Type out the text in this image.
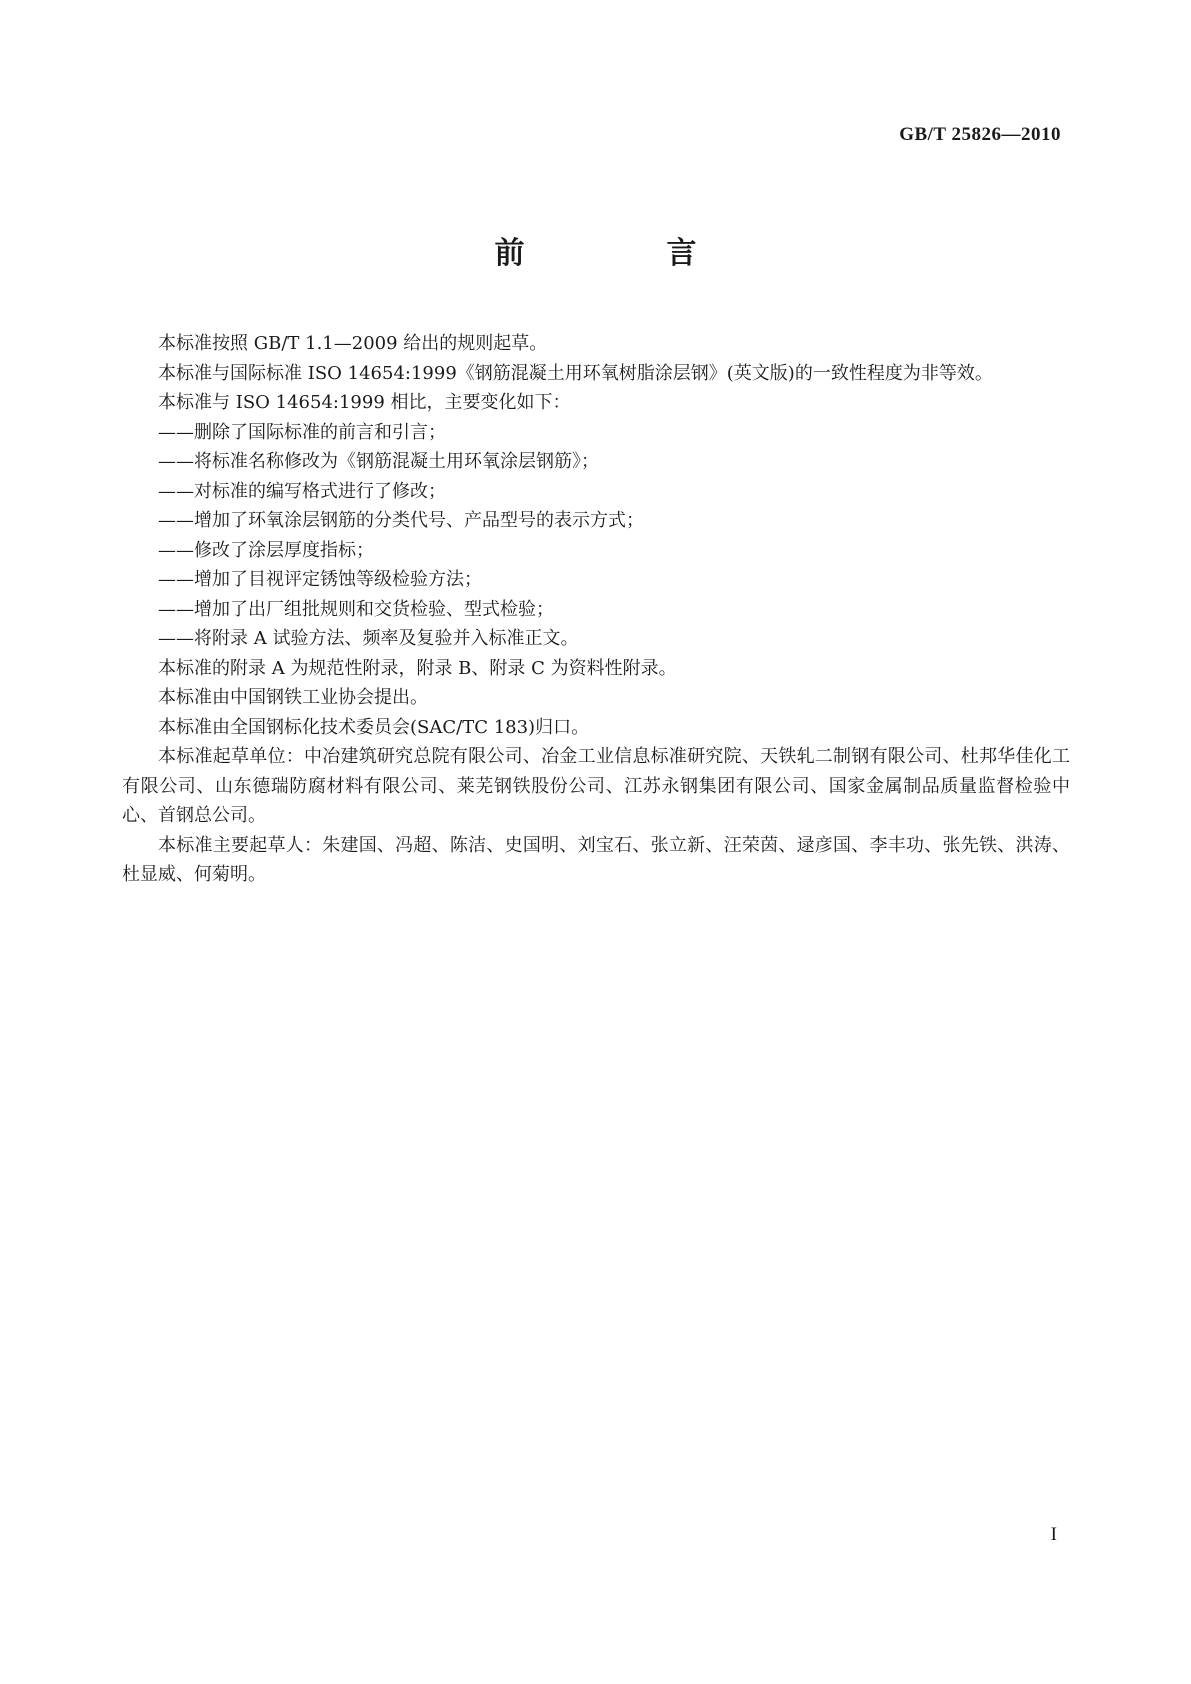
GB/T 25826—2010
前　言

本标准按照 GB/T 1.1—2009 给出的规则起草。

本标准与国际标准 ISO 14654:1999《钢筋混凝土用环氧树脂涂层钢》(英文版)的一致性程度为非等效。

本标准与 ISO 14654:1999 相比，主要变化如下：

——删除了国际标准的前言和引言；

——将标准名称修改为《钢筋混凝土用环氧涂层钢筋》；

——对标准的编写格式进行了修改；

——增加了环氧涂层钢筋的分类代号、产品型号的表示方式；

——修改了涂层厚度指标；

——增加了目视评定锈蚀等级检验方法；

——增加了出厂组批规则和交货检验、型式检验；

——将附录 A 试验方法、频率及复验并入标准正文。

本标准的附录 A 为规范性附录，附录 B、附录 C 为资料性附录。

本标准由中国钢铁工业协会提出。

本标准由全国钢标化技术委员会(SAC/TC 183)归口。

本标准起草单位：中冶建筑研究总院有限公司、冶金工业信息标准研究院、天铁轧二制钢有限公司、杜邦华佳化工有限公司、山东德瑞防腐材料有限公司、莱芜钢铁股份公司、江苏永钢集团有限公司、国家金属制品质量监督检验中心、首钢总公司。

本标准主要起草人：朱建国、冯超、陈洁、史国明、刘宝石、张立新、汪荣茵、逯彦国、李丰功、张先铁、洪涛、杜显威、何菊明。

I
